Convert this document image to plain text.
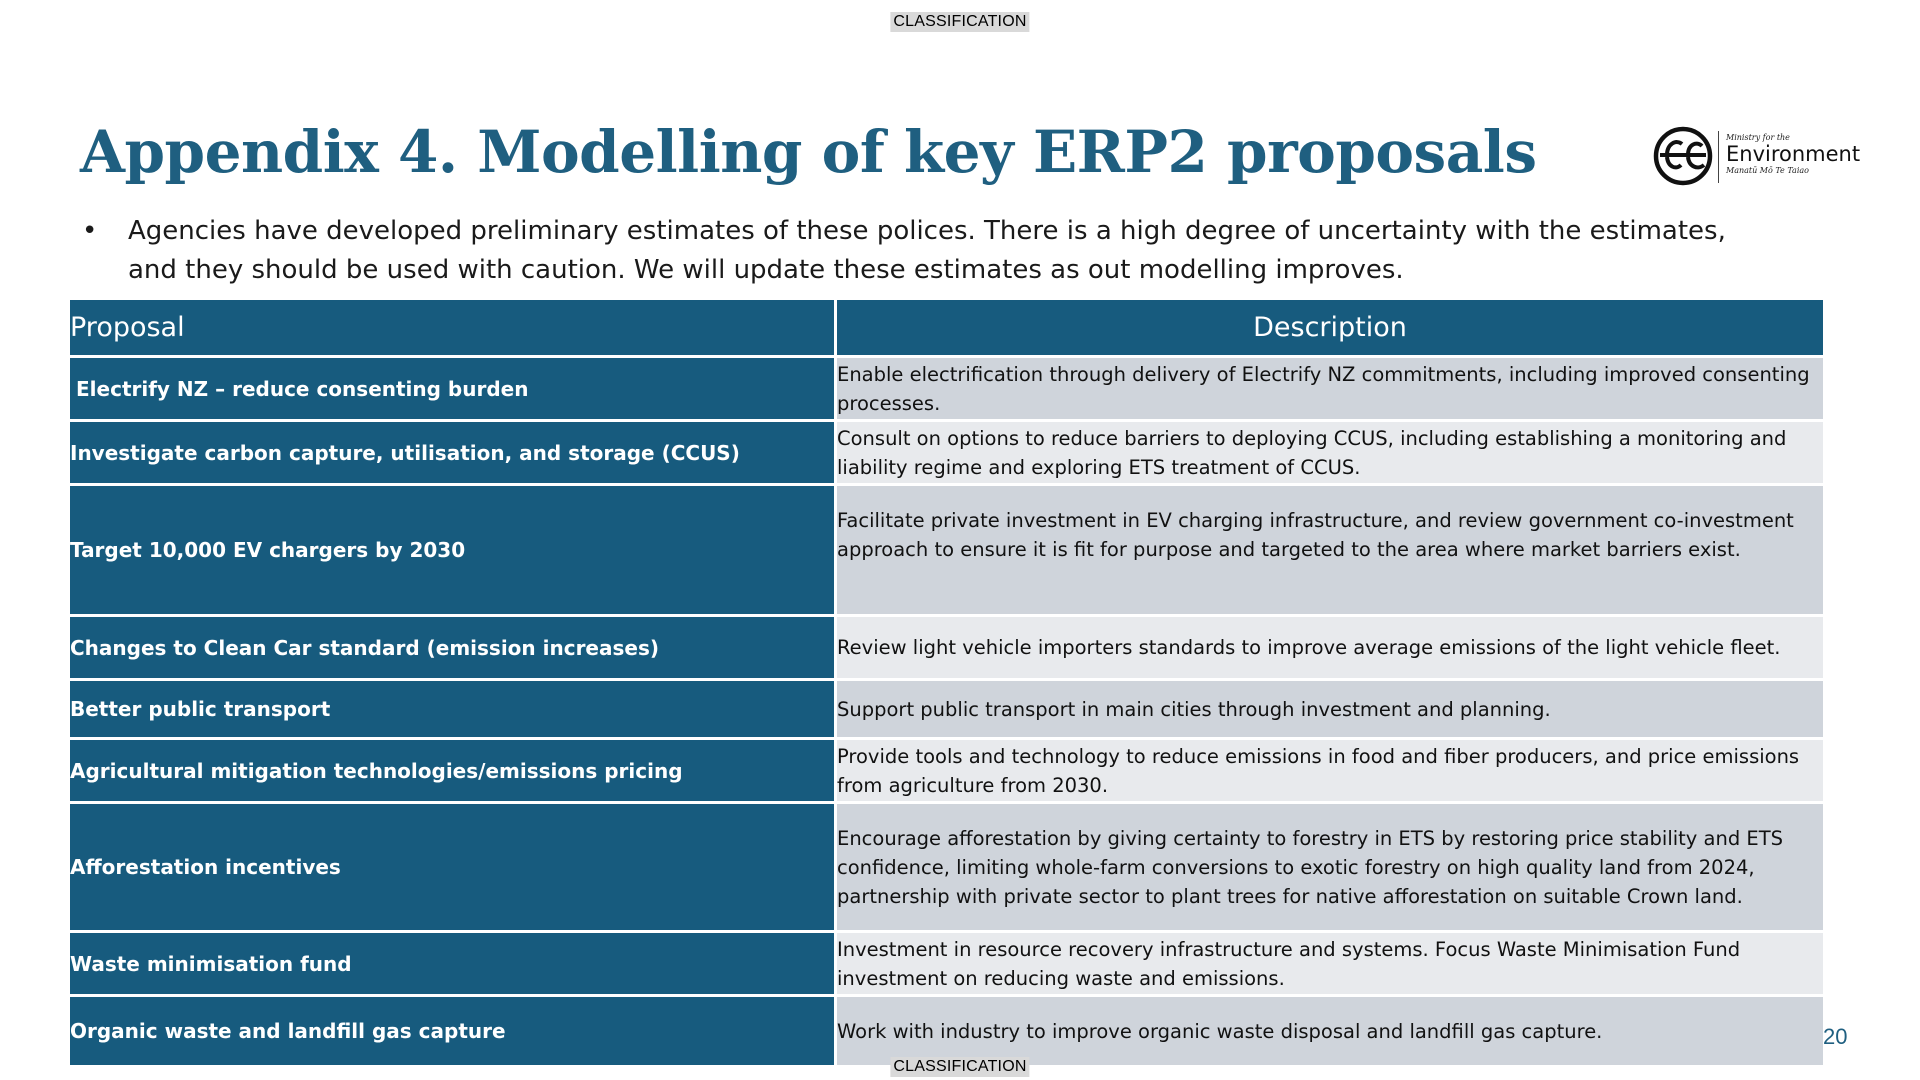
CLASSIFICATION
Appendix 4. Modelling of key ERP2 proposals	Ministry for the
Environment
Manatū Mō Te Taiao
•	Agencies have developed preliminary estimates of these polices. There is a high degree of uncertainty with the estimates, and they should be used with caution. We will update these estimates as out modelling improves.
Proposal	Description
Electrify NZ – reduce consenting burden	Enable electrification through delivery of Electrify NZ commitments, including improved consenting processes.
Investigate carbon capture, utilisation, and storage (CCUS)	Consult on options to reduce barriers to deploying CCUS, including establishing a monitoring and liability regime and exploring ETS treatment of CCUS.
Target 10,000 EV chargers by 2030	Facilitate private investment in EV charging infrastructure, and review government co-investment approach to ensure it is fit for purpose and targeted to the area where market barriers exist.
Changes to Clean Car standard (emission increases)	Review light vehicle importers standards to improve average emissions of the light vehicle fleet.
Better public transport	Support public transport in main cities through investment and planning.
Agricultural mitigation technologies/emissions pricing	Provide tools and technology to reduce emissions in food and fiber producers, and price emissions from agriculture from 2030.
Afforestation incentives	Encourage afforestation by giving certainty to forestry in ETS by restoring price stability and ETS confidence, limiting whole-farm conversions to exotic forestry on high quality land from 2024, partnership with private sector to plant trees for native afforestation on suitable Crown land.
Waste minimisation fund	Investment in resource recovery infrastructure and systems. Focus Waste Minimisation Fund investment on reducing waste and emissions.
Organic waste and landfill gas capture	Work with industry to improve organic waste disposal and landfill gas capture.	20
CLASSIFICATION
